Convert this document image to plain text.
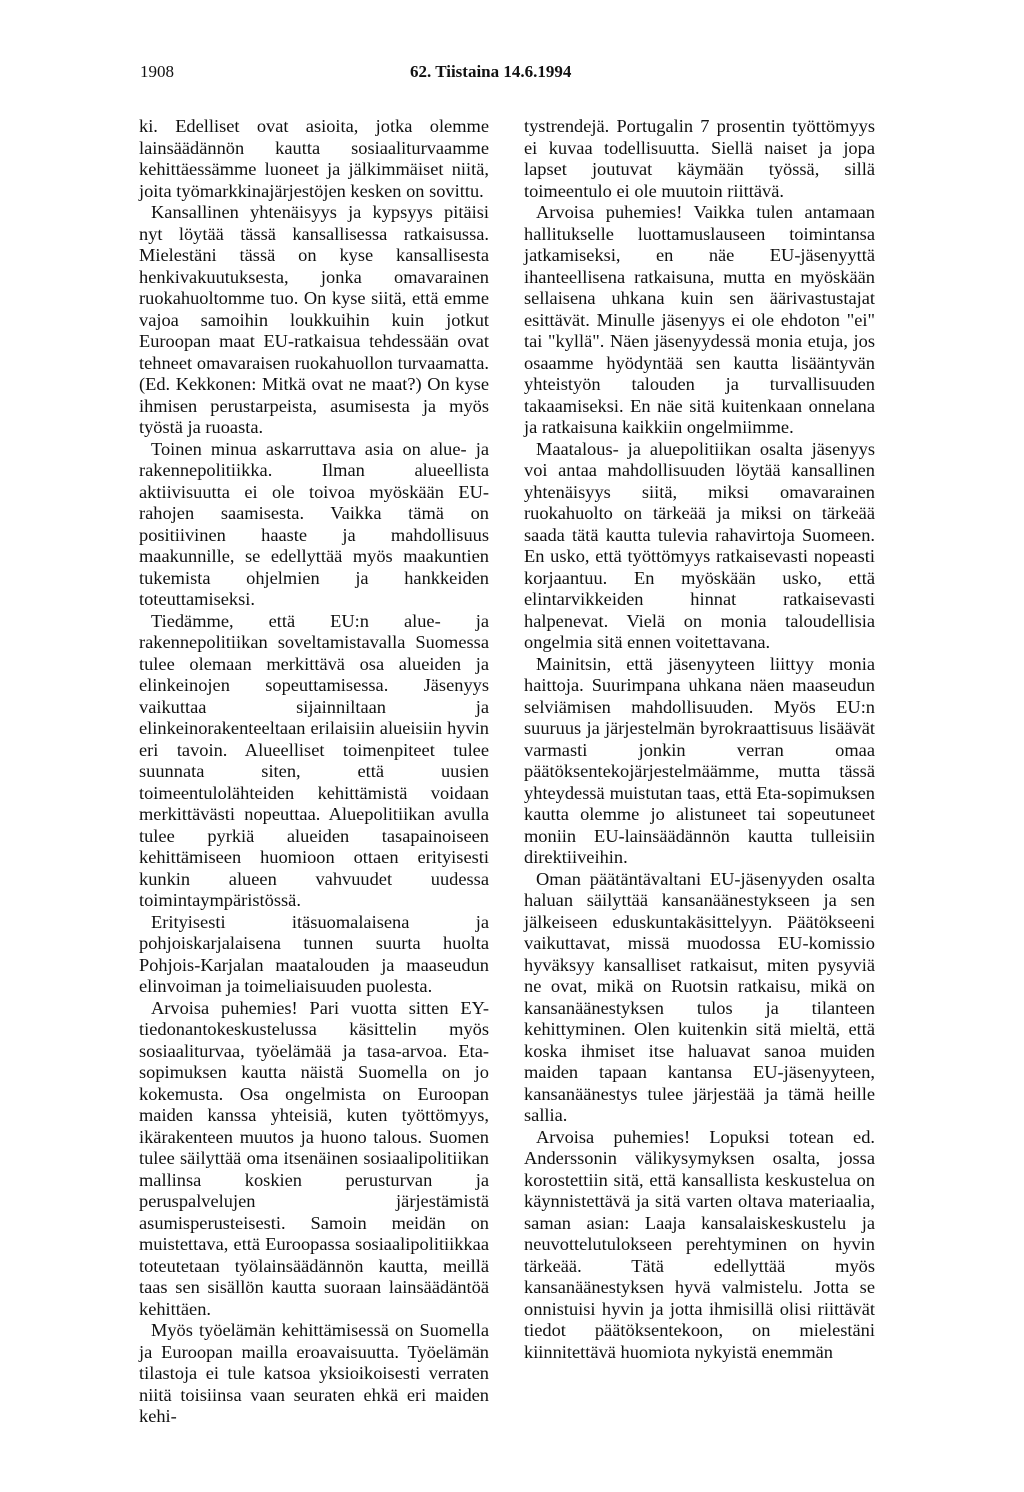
1908	62. Tiistaina 14.6.1994

ki. Edelliset ovat asioita, jotka olemme lainsäädännön kautta sosiaaliturvaamme kehittäessämme luoneet ja jälkimmäiset niitä, joita työmarkkinajärjestöjen kesken on sovittu.

Kansallinen yhtenäisyys ja kypsyys pitäisi nyt löytää tässä kansallisessa ratkaisussa. Mielestäni tässä on kyse kansallisesta henkivakuutuksesta, jonka omavarainen ruokahuoltomme tuo. On kyse siitä, että emme vajoa samoihin loukkuihin kuin jotkut Euroopan maat EU-ratkaisua tehdessään ovat tehneet omavaraisen ruokahuollon turvaamatta. (Ed. Kekkonen: Mitkä ovat ne maat?) On kyse ihmisen perustarpeista, asumisesta ja myös työstä ja ruoasta.

Toinen minua askarruttava asia on alue- ja rakennepolitiikka. Ilman alueellista aktiivisuutta ei ole toivoa myöskään EU-rahojen saamisesta. Vaikka tämä on positiivinen haaste ja mahdollisuus maakunnille, se edellyttää myös maakuntien tukemista ohjelmien ja hankkeiden toteuttamiseksi.

Tiedämme, että EU:n alue- ja rakennepolitiikan soveltamistavalla Suomessa tulee olemaan merkittävä osa alueiden ja elinkeinojen sopeuttamisessa. Jäsenyys vaikuttaa sijainniltaan ja elinkeinorakenteeltaan erilaisiin alueisiin hyvin eri tavoin. Alueelliset toimenpiteet tulee suunnata siten, että uusien toimeentulolähteiden kehittämistä voidaan merkittävästi nopeuttaa. Aluepolitiikan avulla tulee pyrkiä alueiden tasapainoiseen kehittämiseen huomioon ottaen erityisesti kunkin alueen vahvuudet uudessa toimintaympäristössä.

Erityisesti itäsuomalaisena ja pohjoiskarjalaisena tunnen suurta huolta Pohjois-Karjalan maatalouden ja maaseudun elinvoiman ja toimeliaisuuden puolesta.

Arvoisa puhemies! Pari vuotta sitten EY-tiedonantokeskustelussa käsittelin myös sosiaaliturvaa, työelämää ja tasa-arvoa. Eta-sopimuksen kautta näistä Suomella on jo kokemusta. Osa ongelmista on Euroopan maiden kanssa yhteisiä, kuten työttömyys, ikärakenteen muutos ja huono talous. Suomen tulee säilyttää oma itsenäinen sosiaalipolitiikan mallinsa koskien perusturvan ja peruspalvelujen järjestämistä asumisperusteisesti. Samoin meidän on muistettava, että Euroopassa sosiaalipolitiikkaa toteutetaan työlainsäädännön kautta, meillä taas sen sisällön kautta suoraan lainsäädäntöä kehittäen.

Myös työelämän kehittämisessä on Suomella ja Euroopan mailla eroavaisuutta. Työelämän tilastoja ei tule katsoa yksioikoisesti verraten niitä toisiinsa vaan seuraten ehkä eri maiden kehi-

tystrendejä. Portugalin 7 prosentin työttömyys ei kuvaa todellisuutta. Siellä naiset ja jopa lapset joutuvat käymään työssä, sillä toimeentulo ei ole muutoin riittävä.

Arvoisa puhemies! Vaikka tulen antamaan hallitukselle luottamuslauseen toimintansa jatkamiseksi, en näe EU-jäsenyyttä ihanteellisena ratkaisuna, mutta en myöskään sellaisena uhkana kuin sen äärivastustajat esittävät. Minulle jäsenyys ei ole ehdoton "ei" tai "kyllä". Näen jäsenyydessä monia etuja, jos osaamme hyödyntää sen kautta lisääntyvän yhteistyön talouden ja turvallisuuden takaamiseksi. En näe sitä kuitenkaan onnelana ja ratkaisuna kaikkiin ongelmiimme.

Maatalous- ja aluepolitiikan osalta jäsenyys voi antaa mahdollisuuden löytää kansallinen yhtenäisyys siitä, miksi omavarainen ruokahuolto on tärkeää ja miksi on tärkeää saada tätä kautta tulevia rahavirtoja Suomeen. En usko, että työttömyys ratkaisevasti nopeasti korjaantuu. En myöskään usko, että elintarvikkeiden hinnat ratkaisevasti halpenevat. Vielä on monia taloudellisia ongelmia sitä ennen voitettavana.

Mainitsin, että jäsenyyteen liittyy monia haittoja. Suurimpana uhkana näen maaseudun selviämisen mahdollisuuden. Myös EU:n suuruus ja järjestelmän byrokraattisuus lisäävät varmasti jonkin verran omaa päätöksentekojärjestelmäämme, mutta tässä yhteydessä muistutan taas, että Eta-sopimuksen kautta olemme jo alistuneet tai sopeutuneet moniin EU-lainsäädännön kautta tulleisiin direktiiveihin.

Oman päätäntävaltani EU-jäsenyyden osalta haluan säilyttää kansanäänestykseen ja sen jälkeiseen eduskuntakäsittelyyn. Päätökseeni vaikuttavat, missä muodossa EU-komissio hyväksyy kansalliset ratkaisut, miten pysyviä ne ovat, mikä on Ruotsin ratkaisu, mikä on kansanäänestyksen tulos ja tilanteen kehittyminen. Olen kuitenkin sitä mieltä, että koska ihmiset itse haluavat sanoa muiden maiden tapaan kantansa EU-jäsenyyteen, kansanäänestys tulee järjestää ja tämä heille sallia.

Arvoisa puhemies! Lopuksi totean ed. Anderssonin välikysymyksen osalta, jossa korostettiin sitä, että kansallista keskustelua on käynnistettävä ja sitä varten oltava materiaalia, saman asian: Laaja kansalaiskeskustelu ja neuvottelutulokseen perehtyminen on hyvin tärkeää. Tätä edellyttää myös kansanäänestyksen hyvä valmistelu. Jotta se onnistuisi hyvin ja jotta ihmisillä olisi riittävät tiedot päätöksentekoon, on mielestäni kiinnitettävä huomiota nykyistä enemmän
